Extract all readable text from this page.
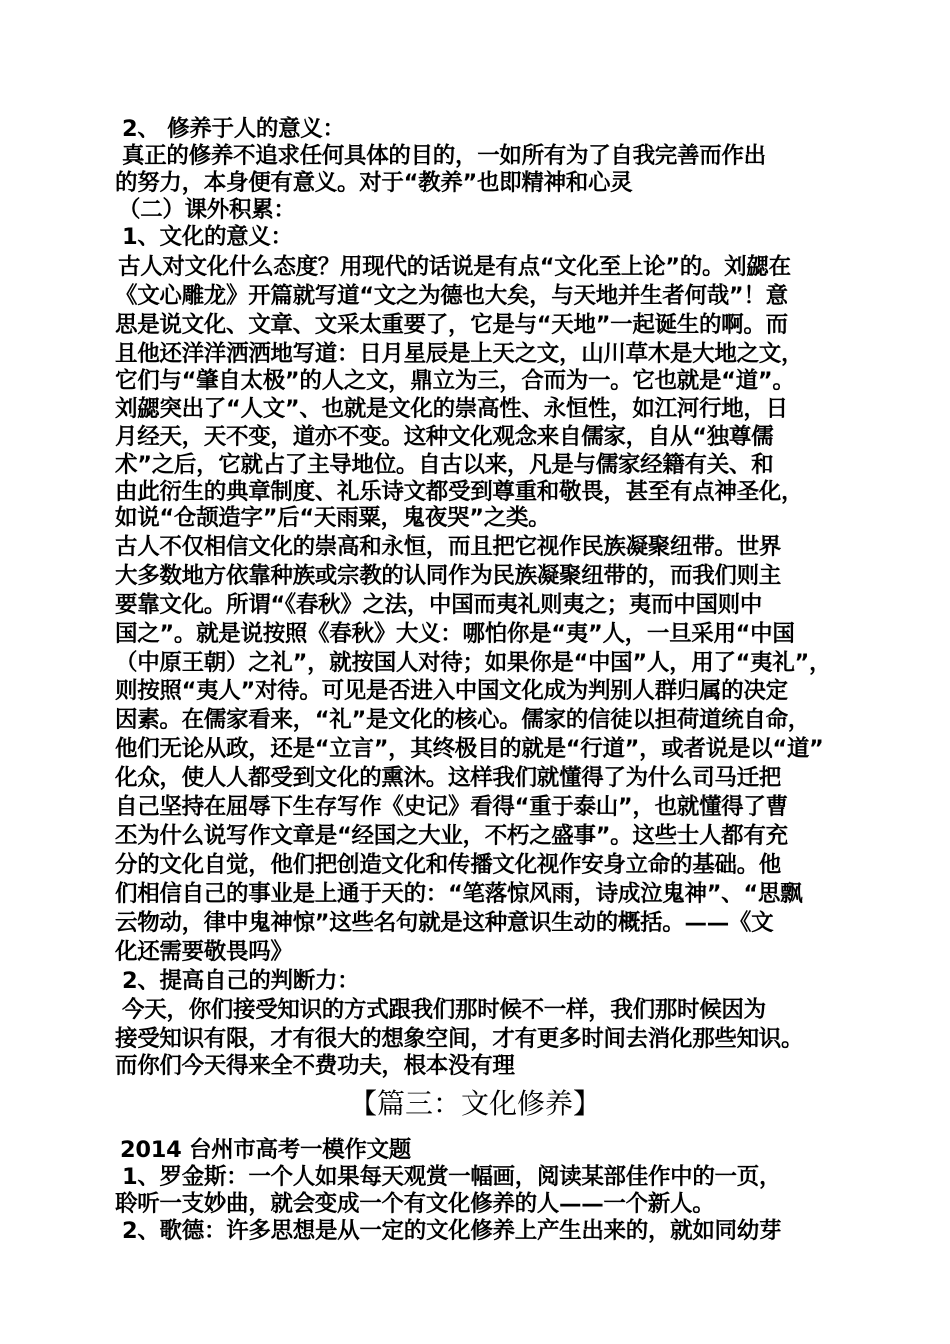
2、 修养于人的意义：
真正的修养不追求任何具体的目的，一如所有为了自我完善而作出
的努力，本身便有意义。对于“教养”也即精神和心灵
（二）课外积累：
1、文化的意义：
古人对文化什么态度？用现代的话说是有点“文化至上论”的。刘勰在
《文心雕龙》开篇就写道“文之为德也大矣，与天地并生者何哉”！意
思是说文化、文章、文采太重要了，它是与“天地”一起诞生的啊。而
且他还洋洋洒洒地写道：日月星辰是上天之文，山川草木是大地之文，
它们与“肇自太极”的人之文，鼎立为三，合而为一。它也就是“道”。
刘勰突出了“人文”、也就是文化的崇高性、永恒性，如江河行地，日
月经天，天不变，道亦不变。这种文化观念来自儒家，自从“独尊儒
术”之后，它就占了主导地位。自古以来，凡是与儒家经籍有关、和
由此衍生的典章制度、礼乐诗文都受到尊重和敬畏，甚至有点神圣化，
如说“仓颉造字”后“天雨粟，鬼夜哭”之类。
古人不仅相信文化的崇高和永恒，而且把它视作民族凝聚纽带。世界
大多数地方依靠种族或宗教的认同作为民族凝聚纽带的，而我们则主
要靠文化。所谓“《春秋》之法，中国而夷礼则夷之；夷而中国则中
国之”。就是说按照《春秋》大义：哪怕你是“夷”人，一旦采用“中国
（中原王朝）之礼”，就按国人对待；如果你是“中国”人，用了“夷礼”，
则按照“夷人”对待。可见是否进入中国文化成为判别人群归属的决定
因素。在儒家看来，“礼”是文化的核心。儒家的信徒以担荷道统自命，
他们无论从政，还是“立言”，其终极目的就是“行道”，或者说是以“道”
化众，使人人都受到文化的熏沐。这样我们就懂得了为什么司马迁把
自己坚持在屈辱下生存写作《史记》看得“重于泰山”，也就懂得了曹
丕为什么说写作文章是“经国之大业，不朽之盛事”。这些士人都有充
分的文化自觉，他们把创造文化和传播文化视作安身立命的基础。他
们相信自己的事业是上通于天的：“笔落惊风雨，诗成泣鬼神”、“思飘
云物动，律中鬼神惊”这些名句就是这种意识生动的概括。——《文
化还需要敬畏吗》
2、提高自己的判断力：
今天，你们接受知识的方式跟我们那时候不一样，我们那时候因为
接受知识有限，才有很大的想象空间，才有更多时间去消化那些知识。
而你们今天得来全不费功夫，根本没有理
【篇三：文化修养】
2014 台州市高考一模作文题
1、罗金斯：一个人如果每天观赏一幅画，阅读某部佳作中的一页，
聆听一支妙曲，就会变成一个有文化修养的人——一个新人。
2、歌德：许多思想是从一定的文化修养上产生出来的，就如同幼芽
